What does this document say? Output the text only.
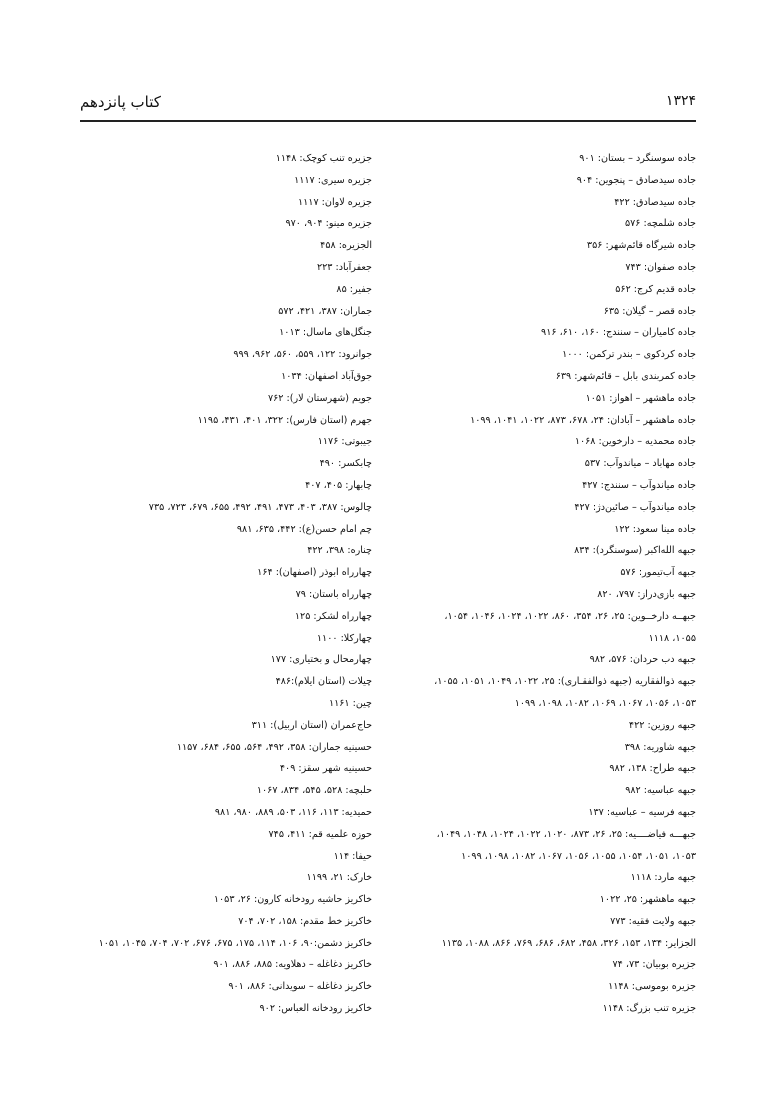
کتاب پانزدهم	۱۳۲۴
جاده سوسنگرد – بستان: ۹۰۱
جاده سیدصادق – پنجوین: ۹۰۴
جاده سیدصادق: ۴۲۲
جاده شلمچه: ۵۷۶
جاده شیرگاه قائم‌شهر: ۳۵۶
جاده صفوان: ۷۴۳
جاده قدیم کرج: ۵۶۲
جاده قصر – گیلان: ۶۳۵
جاده کامیاران – سنندج: ۱۶۰، ۶۱۰، ۹۱۶
جاده کردکوی – بندر ترکمن: ۱۰۰۰
جاده کمربندی بابل – قائم‌شهر: ۶۳۹
جاده ماهشهر – اهواز: ۱۰۵۱
جاده ماهشهر – آبادان: ۲۴، ۶۷۸، ۸۷۳، ۱۰۲۲، ۱۰۴۱، ۱۰۹۹
جاده محمدیه – دارخوین: ۱۰۶۸
جاده مهاباد – میاندوآب: ۵۳۷
جاده میاندوآب – سنندج: ۴۲۷
جاده میاندوآب – صائین‌دژ: ۴۲۷
جاده مینا سعود: ۱۲۲
جبهه الله‌اکبر (سوسنگرد): ۸۳۴
جبهه آب‌تیمور: ۵۷۶
جبهه بازی‌دراز: ۷۹۷، ۸۲۰
جبهــه دارخــوین: ۲۵، ۲۶، ۳۵۴، ۸۶۰، ۱۰۲۲، ۱۰۲۴، ۱۰۴۶، ۱۰۵۴،
۱۰۵۵، ۱۱۱۸
جبهه دب حردان: ۵۷۶، ۹۸۲
جبهه ذوالفقاریه (جبهه ذوالفقـاری): ۲۵، ۱۰۲۲، ۱۰۴۹، ۱۰۵۱، ۱۰۵۵،
۱۰۵۳، ۱۰۵۶، ۱۰۶۷، ۱۰۶۹، ۱۰۸۲، ۱۰۹۸، ۱۰۹۹
جبهه روزین: ۴۲۲
جبهه شاوریه: ۳۹۸
جبهه طراح: ۱۳۸، ۹۸۲
جبهه عباسیه: ۹۸۲
جبهه فرسیه – عباسیه: ۱۳۷
جبهـــه فیاضــــیه: ۲۵، ۲۶، ۸۷۳، ۱۰۲۰، ۱۰۲۲، ۱۰۲۴، ۱۰۴۸، ۱۰۴۹،
۱۰۵۳، ۱۰۵۱، ۱۰۵۴، ۱۰۵۵، ۱۰۵۶، ۱۰۶۷، ۱۰۸۲، ۱۰۹۸، ۱۰۹۹
جبهه مارد: ۱۱۱۸
جبهه ماهشهر: ۲۵، ۱۰۲۲
جبهه ولایت فقیه: ۷۷۳
الجزایر: ۱۳۴، ۱۵۳، ۳۲۶، ۴۵۸، ۶۸۲، ۶۸۶، ۷۶۹، ۸۶۶، ۱۰۸۸، ۱۱۳۵
جزیره بوبیان: ۷۳، ۷۴
جزیره بوموسی: ۱۱۴۸
جزیره تنب بزرگ: ۱۱۴۸
جزیره تنب کوچک: ۱۱۴۸
جزیره سیری: ۱۱۱۷
جزیره لاوان: ۱۱۱۷
جزیره مینو: ۹۰۴، ۹۷۰
الجزیره: ۴۵۸
جعفرآباد: ۲۲۳
جفیر: ۸۵
جماران: ۳۸۷، ۴۲۱، ۵۷۲
جنگل‌های ماسال: ۱۰۱۳
جوانرود: ۱۲۲، ۵۵۹، ۵۶۰، ۹۶۲، ۹۹۹
جوق‌آباد اصفهان: ۱۰۳۴
جویم (شهرستان لار): ۷۶۲
جهرم (استان فارس): ۳۲۲، ۴۰۱، ۴۳۱، ۱۱۹۵
جیبوتی: ۱۱۷۶
چابکسر: ۴۹۰
چابهار: ۴۰۵، ۴۰۷
چالوس: ۳۸۷، ۴۰۳، ۴۷۳، ۴۹۱، ۴۹۲، ۶۵۵، ۶۷۹، ۷۲۳، ۷۳۵
چم امام حسن(ع): ۴۴۲، ۶۳۵، ۹۸۱
چناره: ۳۹۸، ۴۲۲
چهارراه ابوذر (اصفهان): ۱۶۴
چهارراه باستان: ۷۹
چهارراه لشکر: ۱۲۵
چهارکلا: ۱۱۰۰
چهارمحال و بختیاری: ۱۷۷
چیلات (استان ایلام):۴۸۶
چین: ۱۱۶۱
حاج‌عمران (استان اربیل): ۳۱۱
حسینیه جماران: ۳۵۸، ۴۹۲، ۵۶۴، ۶۵۵، ۶۸۴، ۱۱۵۷
حسینیه شهر سقز: ۴۰۹
حلبچه: ۵۲۸، ۵۴۵، ۸۳۴، ۱۰۶۷
حمیدیه: ۱۱۳، ۱۱۶، ۵۰۳، ۸۸۹، ۹۸۰، ۹۸۱
حوزه علمیه قم: ۴۱۱، ۷۴۵
حیفا: ۱۱۴
خارک: ۲۱، ۱۱۹۹
خاکریز حاشیه رودخانه کارون: ۲۶، ۱۰۵۳
خاکریز خط مقدم: ۱۵۸، ۷۰۲، ۷۰۴
خاکریز دشمن:۹۰، ۱۰۶، ۱۱۴، ۱۷۵، ۶۷۵، ۶۷۶، ۷۰۲، ۷۰۴، ۱۰۴۵، ۱۰۵۱
خاکریز دغاغله – دهلاویه: ۸۸۵، ۸۸۶، ۹۰۱
خاکریز دغاغله – سویدانی: ۸۸۶، ۹۰۱
خاکریز رودخانه العباس: ۹۰۲
